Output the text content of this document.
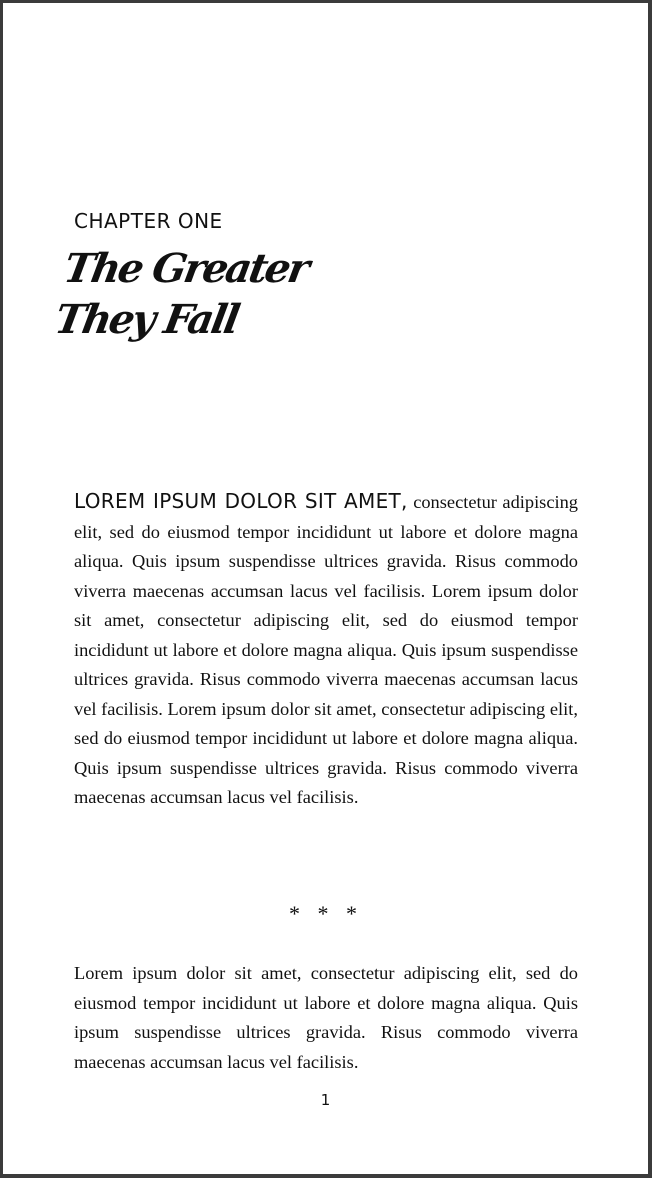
CHAPTER ONE
The Greater
They Fall

LOREM IPSUM DOLOR SIT AMET, consectetur adipiscing elit, sed do eiusmod tempor incididunt ut labore et dolore magna aliqua. Quis ipsum suspendisse ultrices gravida. Risus commodo viverra maecenas accumsan lacus vel facilisis. Lorem ipsum dolor sit amet, consectetur adipiscing elit, sed do eiusmod tempor incididunt ut labore et dolore magna aliqua. Quis ipsum suspendisse ultrices gravida. Risus commodo viverra maecenas accumsan lacus vel facilisis. Lorem ipsum dolor sit amet, consectetur adipiscing elit, sed do eiusmod tempor incididunt ut labore et dolore magna aliqua. Quis ipsum suspendisse ultrices gravida. Risus commodo viverra maecenas accumsan lacus vel facilisis.

* * *

Lorem ipsum dolor sit amet, consectetur adipiscing elit, sed do eiusmod tempor incididunt ut labore et dolore magna aliqua. Quis ipsum suspendisse ultrices gravida. Risus commodo viverra maecenas accumsan lacus vel facilisis.

1
